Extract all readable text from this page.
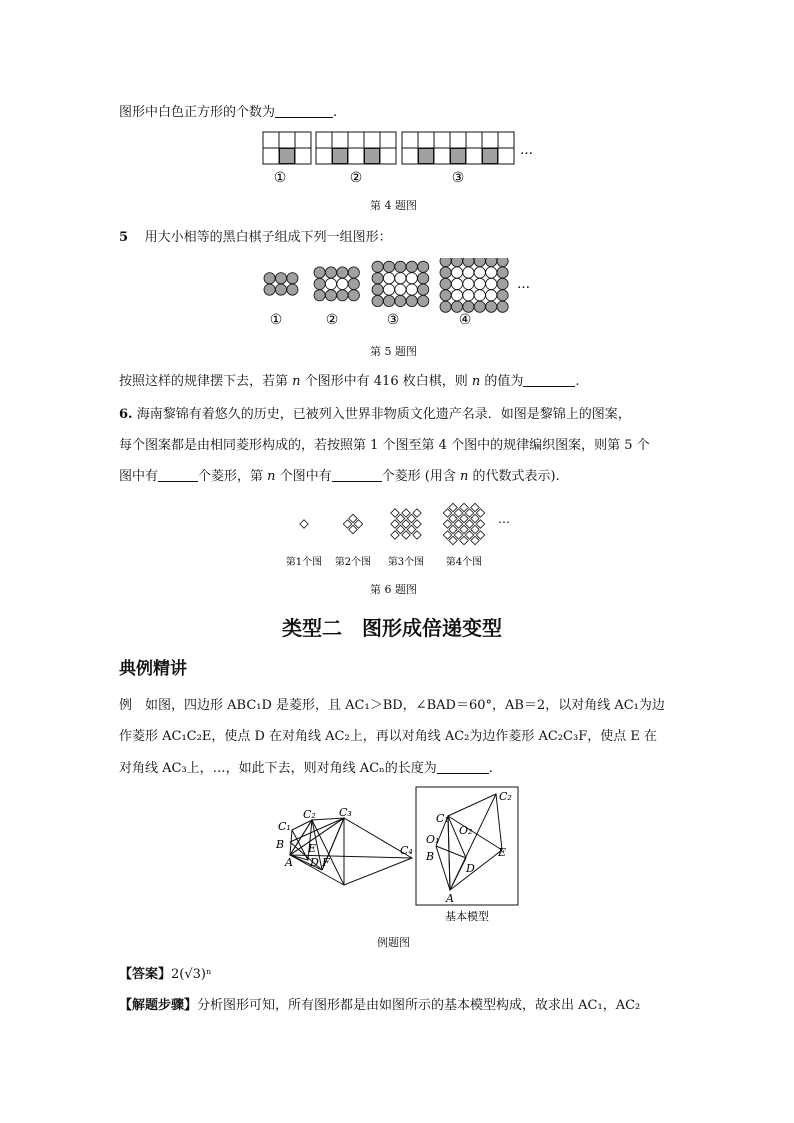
图形中白色正方形的个数为	.
…
①	②	③
第 4 题图
5 用大小相等的黑白棋子组成下列一组图形：
…
①	②	③	④
第 5 题图
按照这样的规律摆下去，若第 n 个图形中有 416 枚白棋，则 n 的值为	.
6. 海南黎锦有着悠久的历史，已被列入世界非物质文化遗产名录．如图是黎锦上的图案，
每个图案都是由相同菱形构成的，若按照第 1 个图至第 4 个图中的规律编织图案，则第 5 个
图中有	个菱形，第 n 个图中有	个菱形 (用含 n 的代数式表示).
…
第1个图 第2个图 第3个图 第4个图
第 6 题图
类型二　图形成倍递变型
典例精讲
例　如图，四边形 ABC₁D 是菱形，且 AC₁＞BD，∠BAD＝60°，AB＝2，以对角线 AC₁为边
作菱形 AC₁C₂E，使点 D 在对角线 AC₂上，再以对角线 AC₂为边作菱形 AC₂C₃F，使点 E 在
对角线 AC₃上，…，如此下去，则对角线 ACₙ的长度为	.
C₁
C₂ C₃
C₄
B E
A D F
C₂
C₁
O₂
O₁
B
D
E
A
基本模型
例题图
【答案】2(√3)ⁿ
【解题步骤】分析图形可知，所有图形都是由如图所示的基本模型构成，故求出 AC₁，AC₂
